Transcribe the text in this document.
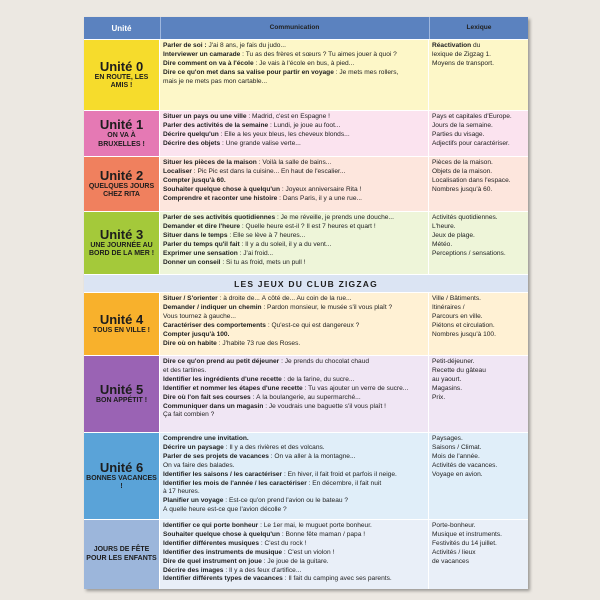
Unité	Communication	Lexique
Unité 0
EN ROUTE, LES AMIS !
Parler de soi : J'ai 8 ans, je fais du judo...
Interviewer un camarade : Tu as des frères et sœurs ? Tu aimes jouer à quoi ?
Dire comment on va à l'école : Je vais à l'école en bus, à pied...
Dire ce qu'on met dans sa valise pour partir en voyage : Je mets mes rollers,
mais je ne mets pas mon cartable...
Réactivation du
lexique de Zigzag 1.
Moyens de transport.
Unité 1
ON VA À BRUXELLES !
Situer un pays ou une ville : Madrid, c'est en Espagne !
Parler des activités de la semaine : Lundi, je joue au foot...
Décrire quelqu'un : Elle a les yeux bleus, les cheveux blonds...
Décrire des objets : Une grande valise verte...
Pays et capitales d'Europe.
Jours de la semaine.
Parties du visage.
Adjectifs pour caractériser.
Unité 2
QUELQUES JOURS CHEZ RITA
Situer les pièces de la maison : Voilà la salle de bains...
Localiser : Pic Pic est dans la cuisine... En haut de l'escalier...
Compter jusqu'à 60.
Souhaiter quelque chose à quelqu'un : Joyeux anniversaire Rita !
Comprendre et raconter une histoire : Dans Paris, il y a une rue...
Pièces de la maison.
Objets de la maison.
Localisation dans l'espace.
Nombres jusqu'à 60.
Unité 3
UNE JOURNÉE AU BORD DE LA MER !
Parler de ses activités quotidiennes : Je me réveille, je prends une douche...
Demander et dire l'heure : Quelle heure est-il ? Il est 7 heures et quart !
Situer dans le temps : Elle se lève à 7 heures...
Parler du temps qu'il fait : Il y a du soleil, il y a du vent...
Exprimer une sensation : J'ai froid...
Donner un conseil : Si tu as froid, mets un pull !
Activités quotidiennes.
L'heure.
Jeux de plage.
Météo.
Perceptions / sensations.
Unité 4
TOUS EN VILLE !
Situer / S'orienter : à droite de... À côté de... Au coin de la rue...
Demander / indiquer un chemin : Pardon monsieur, le musée s'il vous plaît ?
Vous tournez à gauche...
Caractériser des comportements : Qu'est-ce qui est dangereux ?
Compter jusqu'à 100.
Dire où on habite : J'habite 73 rue des Roses.
Ville / Bâtiments.
Itinéraires /
Parcours en ville.
Piétons et circulation.
Nombres jusqu'à 100.
Unité 5
BON APPÉTIT !
Dire ce qu'on prend au petit déjeuner : Je prends du chocolat chaud
et des tartines.
Identifier les ingrédients d'une recette : de la farine, du sucre...
Identifier et nommer les étapes d'une recette : Tu vas ajouter un verre de sucre...
Dire où l'on fait ses courses : À la boulangerie, au supermarché...
Communiquer dans un magasin : Je voudrais une baguette s'il vous plaît !
Ça fait combien ?
Petit-déjeuner.
Recette du gâteau
au yaourt.
Magasins.
Prix.
Unité 6
BONNES VACANCES !
Comprendre une invitation.
Décrire un paysage : Il y a des rivières et des volcans.
Parler de ses projets de vacances : On va aller à la montagne...
On va faire des balades.
Identifier les saisons / les caractériser : En hiver, il fait froid et parfois il neige.
Identifier les mois de l'année / les caractériser : En décembre, il fait nuit
à 17 heures.
Planifier un voyage : Est-ce qu'on prend l'avion ou le bateau ?
À quelle heure est-ce que l'avion décolle ?
Paysages.
Saisons / Climat.
Mois de l'année.
Activités de vacances.
Voyage en avion.
JOURS DE FÊTE POUR LES ENFANTS
Identifier ce qui porte bonheur : Le 1er mai, le muguet porte bonheur.
Souhaiter quelque chose à quelqu'un : Bonne fête maman / papa !
Identifier différentes musiques : C'est du rock !
Identifier des instruments de musique : C'est un violon !
Dire de quel instrument on joue : Je joue de la guitare.
Décrire des images : Il y a des feux d'artifice...
Identifier différents types de vacances : Il fait du camping avec ses parents.
Porte-bonheur.
Musique et instruments.
Festivités du 14 juillet.
Activités / lieux
de vacances
LES JEUX DU CLUB ZIGZAG
